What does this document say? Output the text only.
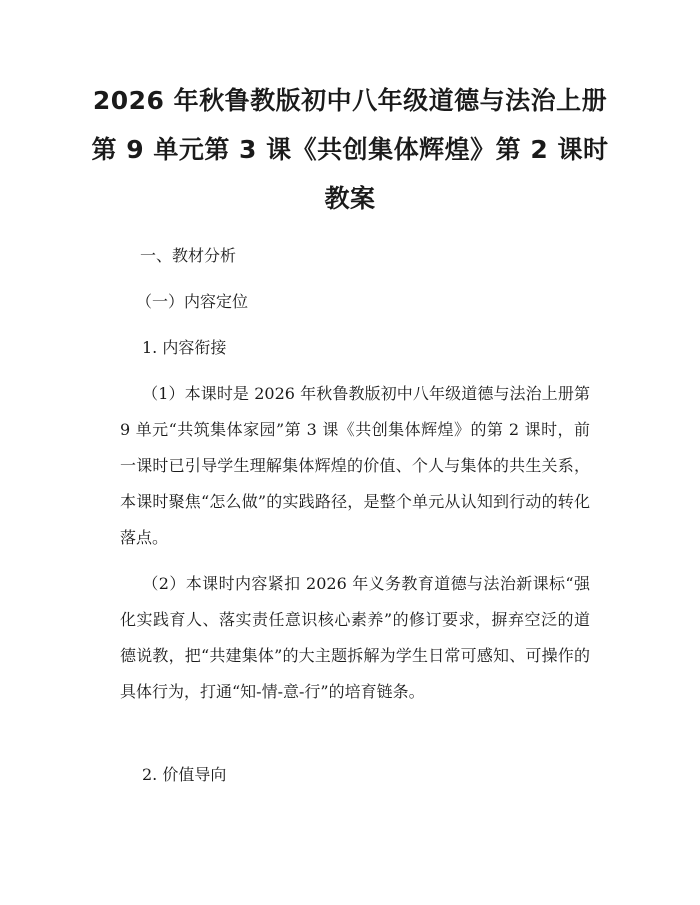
2026 年秋鲁教版初中八年级道德与法治上册
第 9 单元第 3 课《共创集体辉煌》第 2 课时
教案
一、教材分析
（一）内容定位
1. 内容衔接
（1）本课时是 2026 年秋鲁教版初中八年级道德与法治上册第 9 单元“共筑集体家园”第 3 课《共创集体辉煌》的第 2 课时，前一课时已引导学生理解集体辉煌的价值、个人与集体的共生关系，本课时聚焦“怎么做”的实践路径，是整个单元从认知到行动的转化落点。
（2）本课时内容紧扣 2026 年义务教育道德与法治新课标“强化实践育人、落实责任意识核心素养”的修订要求，摒弃空泛的道德说教，把“共建集体”的大主题拆解为学生日常可感知、可操作的具体行为，打通“知-情-意-行”的培育链条。
2. 价值导向
